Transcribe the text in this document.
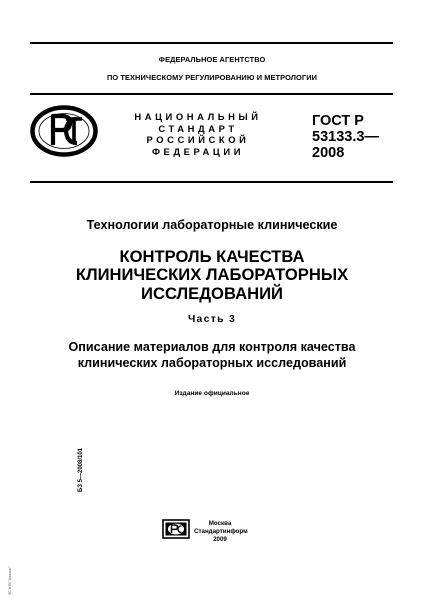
ФЕДЕРАЛЬНОЕ АГЕНТСТВО
ПО ТЕХНИЧЕСКОМУ РЕГУЛИРОВАНИЮ И МЕТРОЛОГИИ
НАЦИОНАЛЬНЫЙ
СТАНДАРТ
РОССИЙСКОЙ
ФЕДЕРАЦИИ
ГОСТ Р
53133.3—
2008
Технологии лабораторные клинические
КОНТРОЛЬ КАЧЕСТВА
КЛИНИЧЕСКИХ ЛАБОРАТОРНЫХ
ИССЛЕДОВАНИЙ
Часть 3
Описание материалов для контроля качества
клинических лабораторных исследований
Издание официальное
БЗ 5—2008/101
ЗС НТК "Аншлаг"
Москва
Стандартинформ
2009
